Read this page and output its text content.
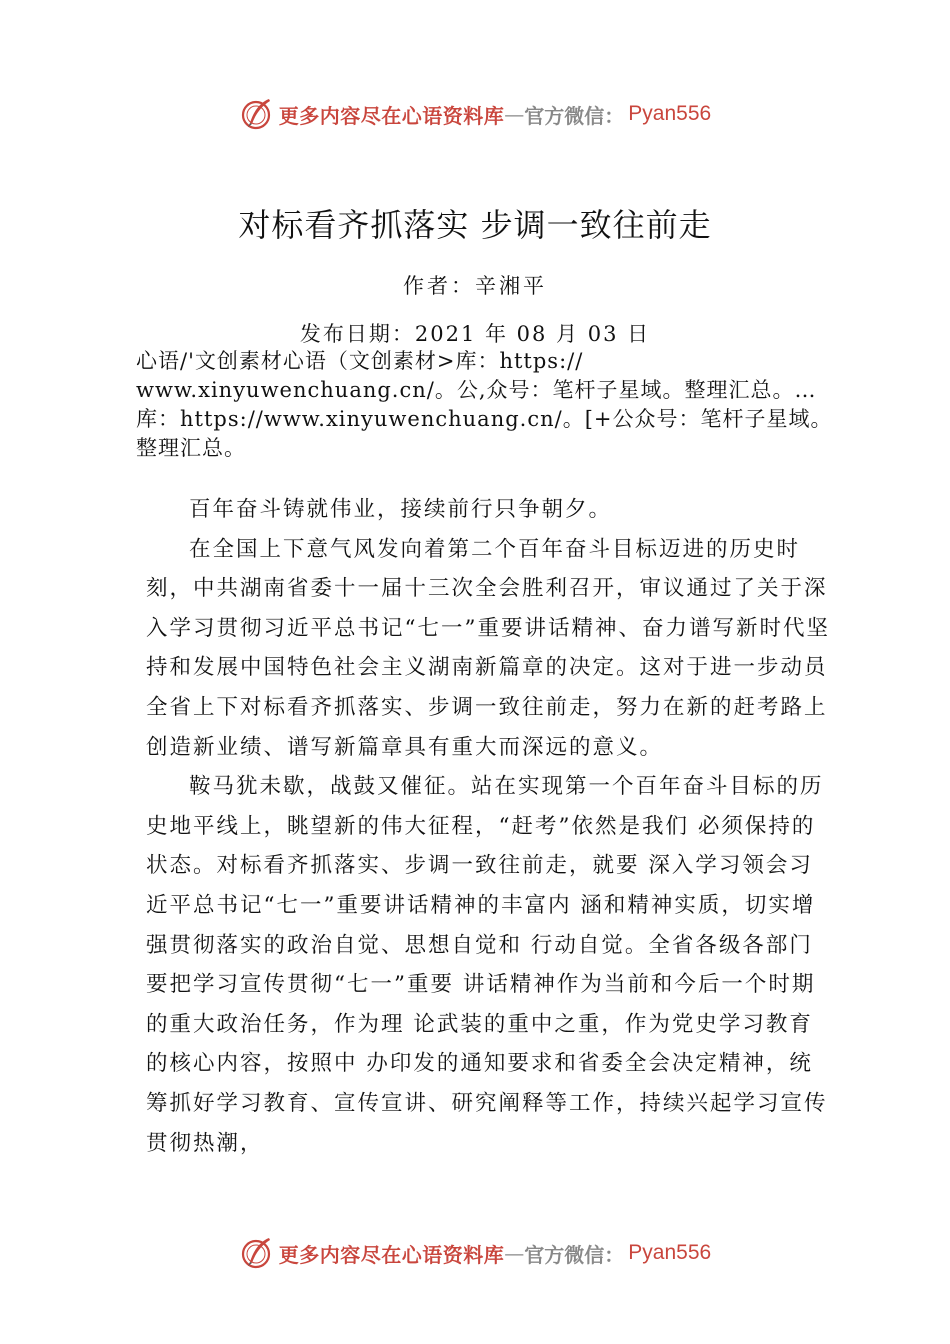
更多内容尽在心语资料库 — 官方微信： Pyan556
对标看齐抓落实 步调一致往前走
作者：辛湘平
发布日期：2021 年 08 月 03 日

心语/'文创素材心语（文创素材>库：https:// www.xinyuwenchuang.cn/。公,众号：笔杆子星域。整理汇总。…库：https://www.xinyuwenchuang.cn/。[+公众号：笔杆子星域。整理汇总。

百年奋斗铸就伟业，接续前行只争朝夕。

在全国上下意气风发向着第二个百年奋斗目标迈进的历史时刻，中共湖南省委十一届十三次全会胜利召开，审议通过了关于深入学习贯彻习近平总书记“七一”重要讲话精神、奋力谱写新时代坚持和发展中国特色社会主义湖南新篇章的决定。这对于进一步动员全省上下对标看齐抓落实、步调一致往前走，努力在新的赶考路上创造新业绩、谱写新篇章具有重大而深远的意义。

鞍马犹未歇，战鼓又催征。站在实现第一个百年奋斗目标的历史地平线上，眺望新的伟大征程，“赶考”依然是我们 必须保持的状态。对标看齐抓落实、步调一致往前走，就要 深入学习领会习近平总书记“七一”重要讲话精神的丰富内 涵和精神实质，切实增强贯彻落实的政治自觉、思想自觉和 行动自觉。全省各级各部门要把学习宣传贯彻“七一”重要 讲话精神作为当前和今后一个时期的重大政治任务，作为理 论武装的重中之重，作为党史学习教育的核心内容，按照中 办印发的通知要求和省委全会决定精神，统筹抓好学习教育、宣传宣讲、研究阐释等工作，持续兴起学习宣传贯彻热潮，

更多内容尽在心语资料库 — 官方微信： Pyan556
